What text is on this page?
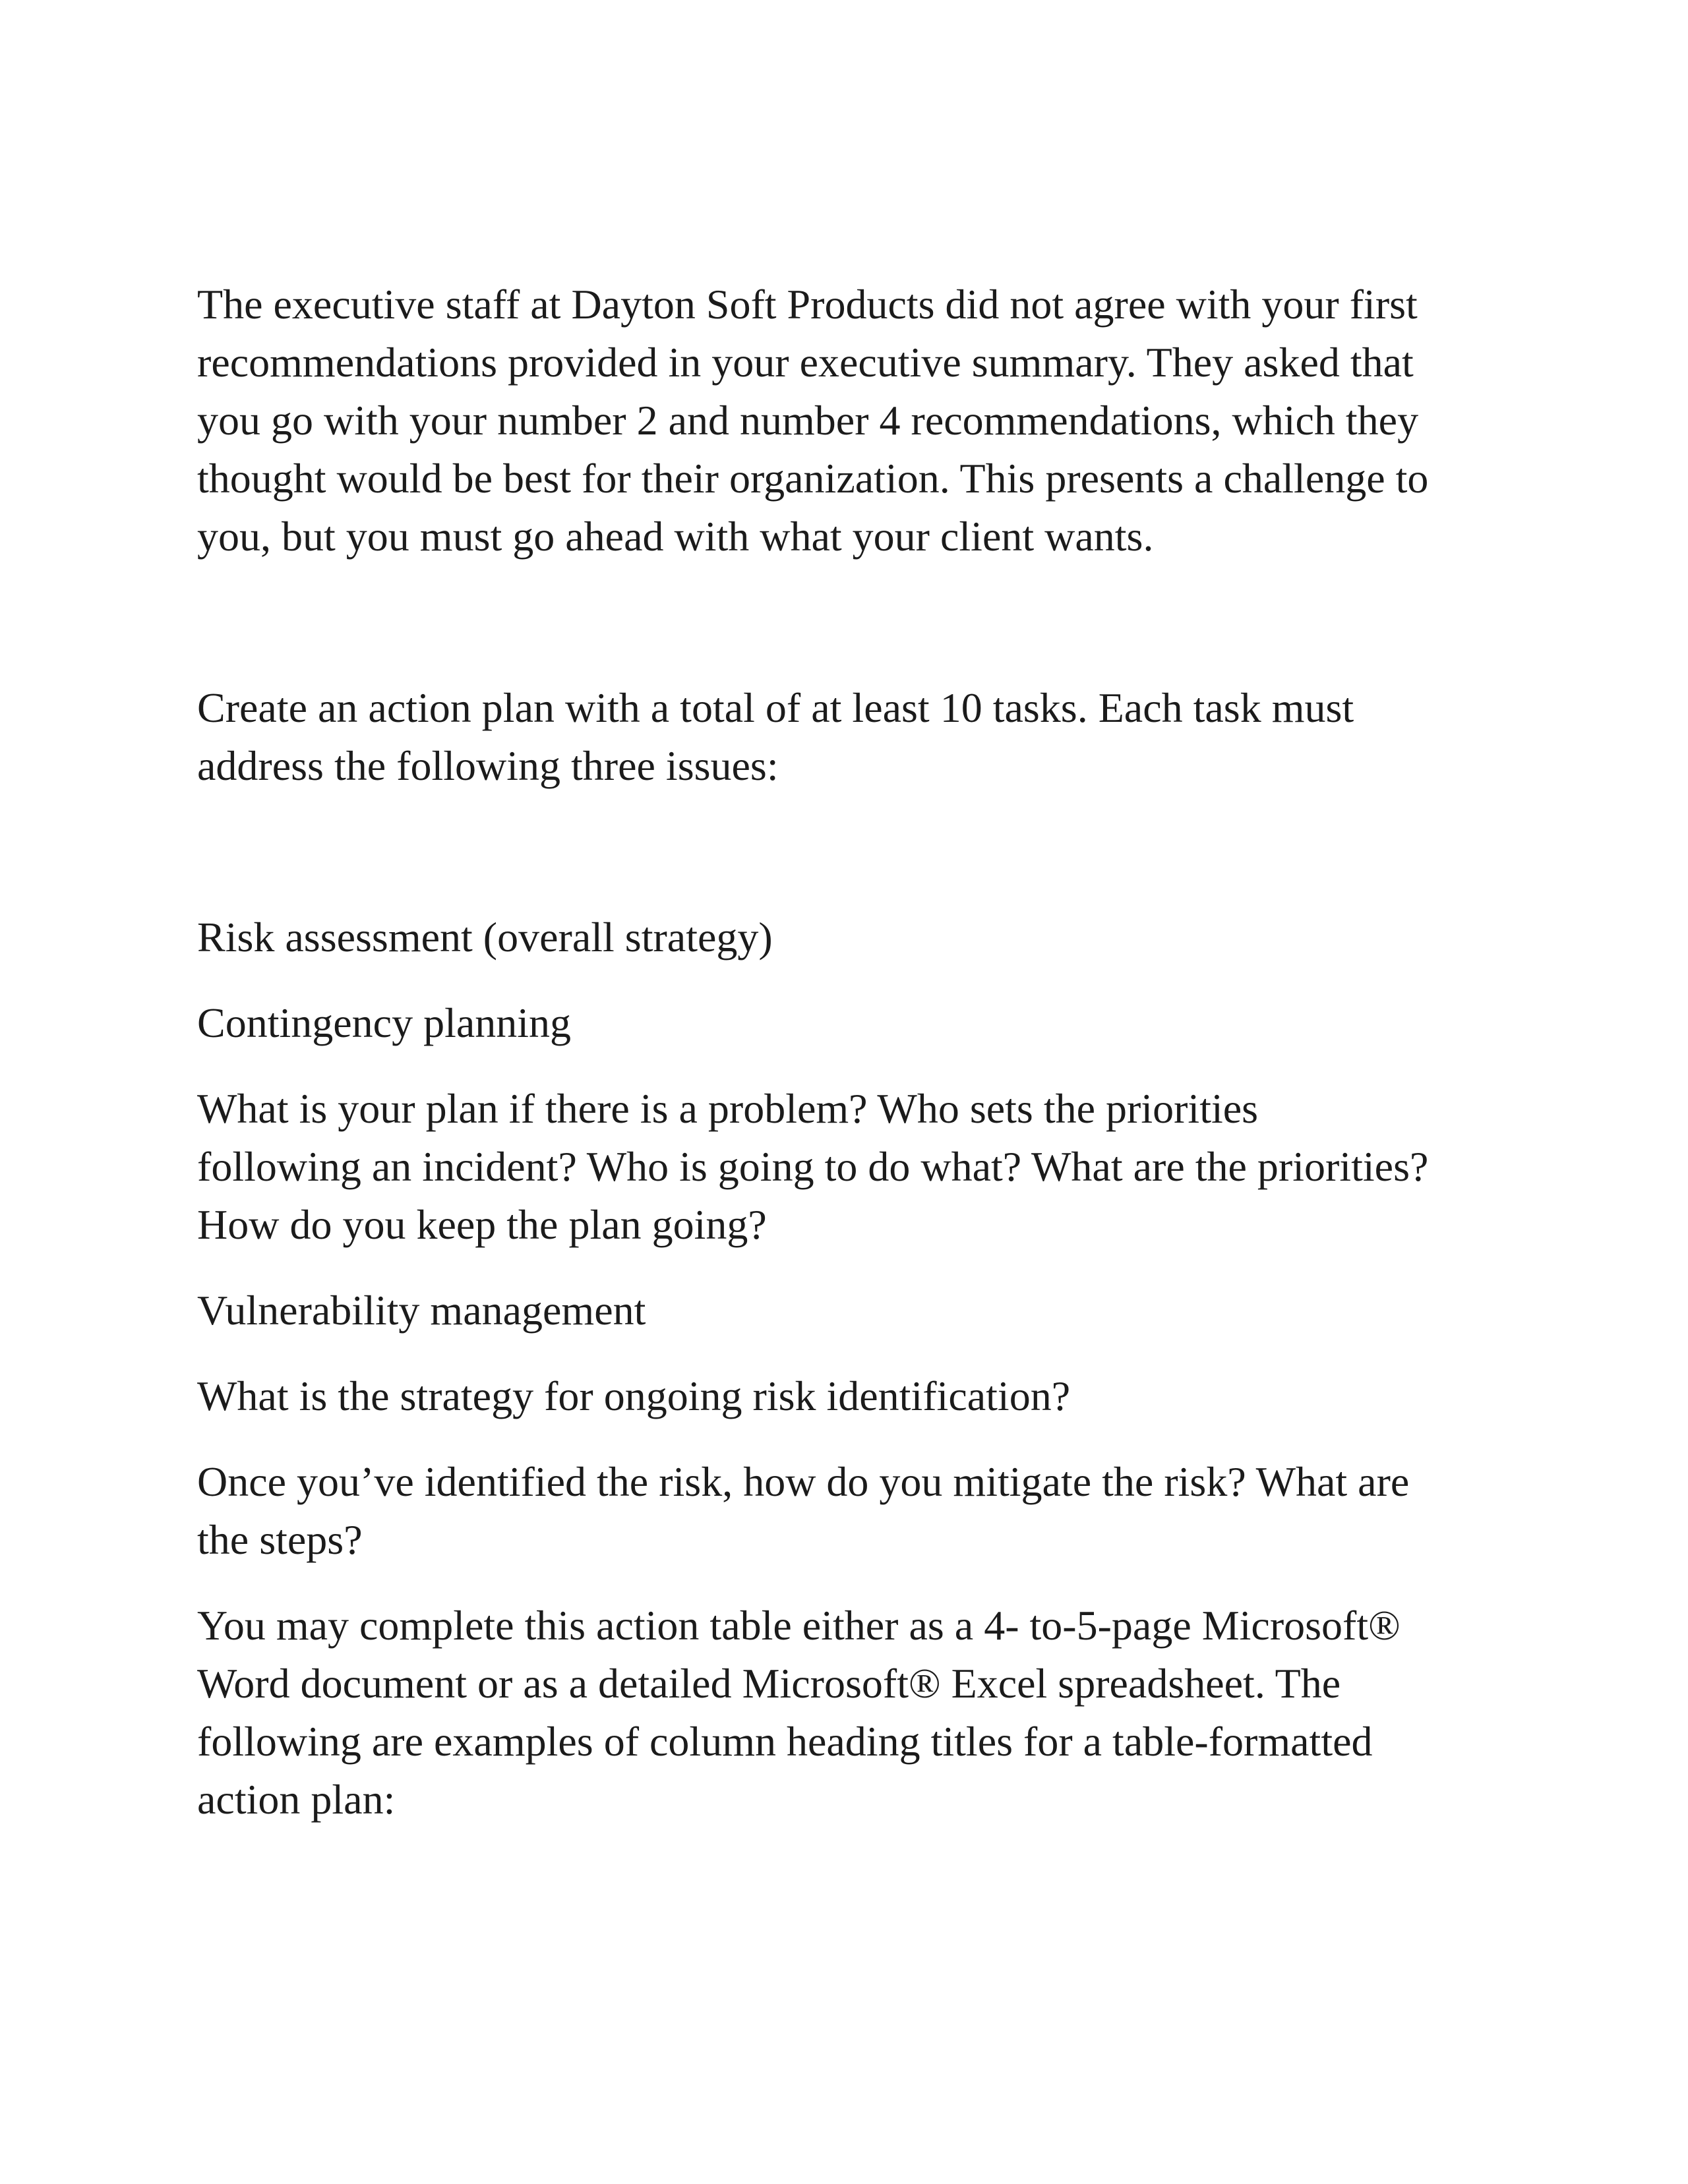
The executive staff at Dayton Soft Products did not agree with your first
recommendations provided in your executive summary. They asked that
you go with your number 2 and number 4 recommendations, which they
thought would be best for their organization. This presents a challenge to
you, but you must go ahead with what your client wants.

Create an action plan with a total of at least 10 tasks. Each task must
address the following three issues:

Risk assessment (overall strategy)

Contingency planning

What is your plan if there is a problem? Who sets the priorities
following an incident? Who is going to do what? What are the priorities?
How do you keep the plan going?

Vulnerability management

What is the strategy for ongoing risk identification?

Once you’ve identified the risk, how do you mitigate the risk? What are
the steps?

You may complete this action table either as a 4- to-5-page Microsoft®
Word document or as a detailed Microsoft® Excel spreadsheet. The
following are examples of column heading titles for a table-formatted
action plan:
